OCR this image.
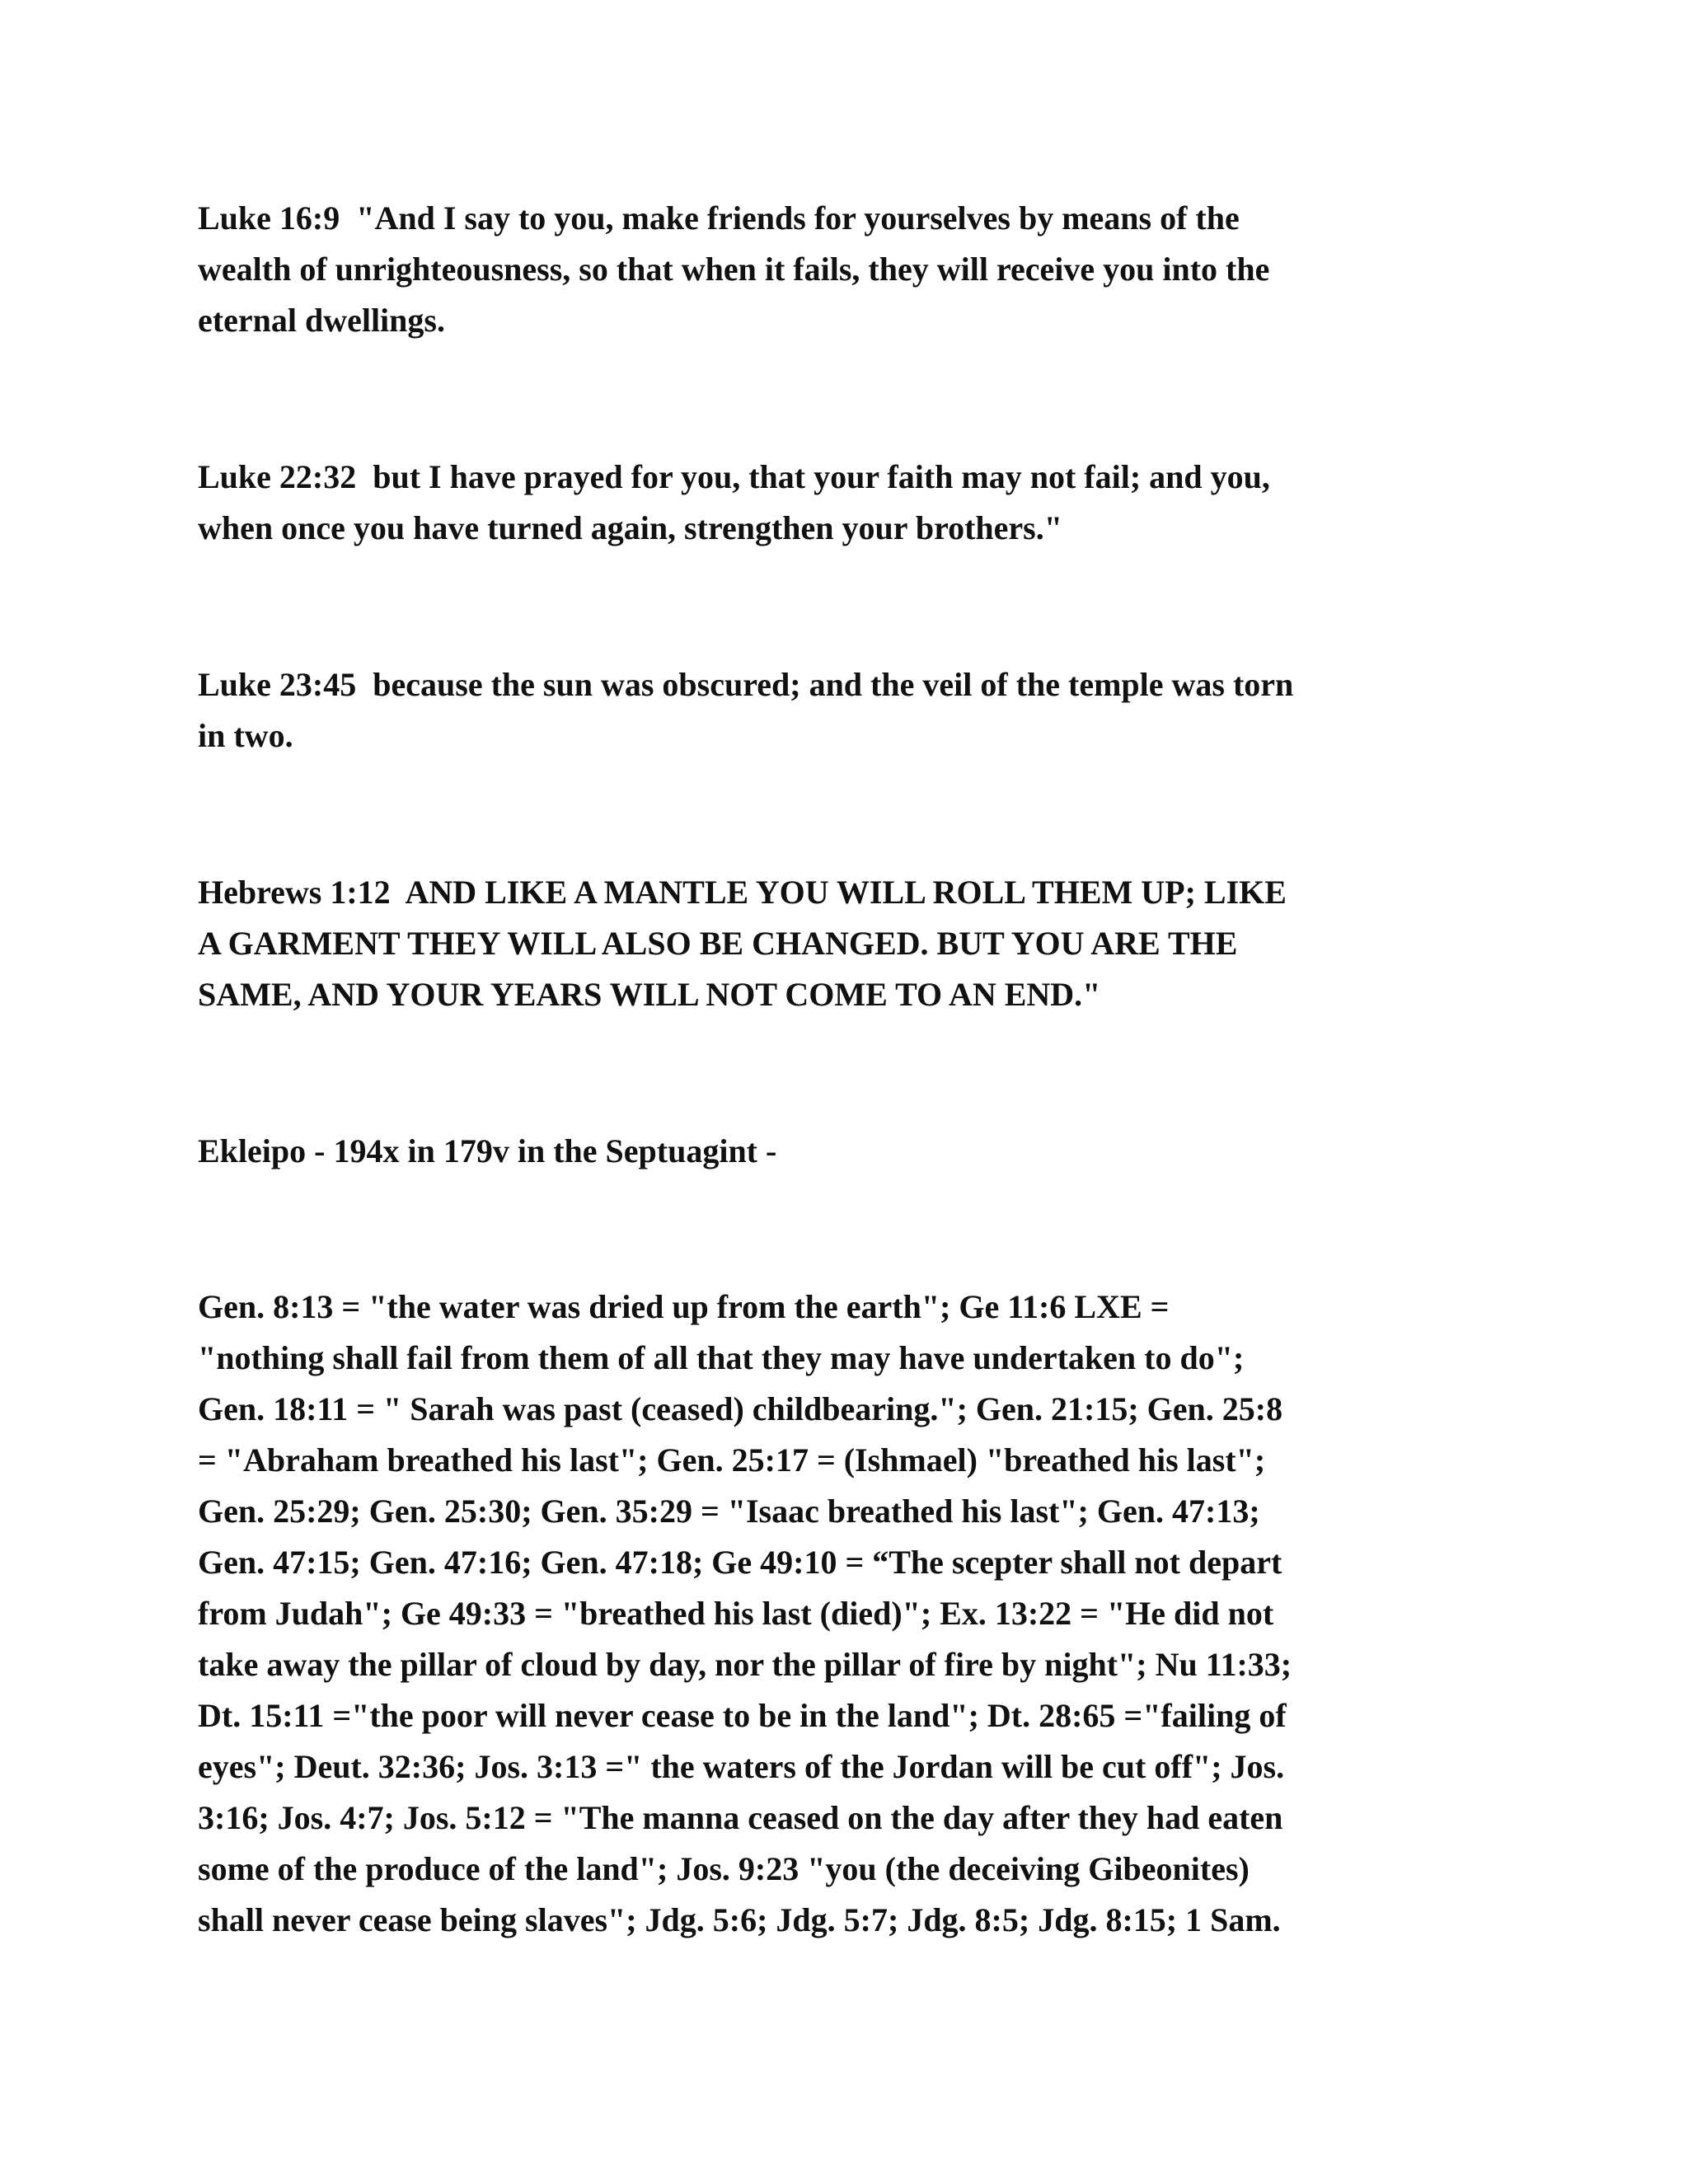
Luke 16:9  "And I say to you, make friends for yourselves by means of the
wealth of unrighteousness, so that when it fails, they will receive you into the
eternal dwellings.

Luke 22:32  but I have prayed for you, that your faith may not fail; and you,
when once you have turned again, strengthen your brothers."

Luke 23:45  because the sun was obscured; and the veil of the temple was torn
in two.

Hebrews 1:12  AND LIKE A MANTLE YOU WILL ROLL THEM UP; LIKE
A GARMENT THEY WILL ALSO BE CHANGED. BUT YOU ARE THE
SAME, AND YOUR YEARS WILL NOT COME TO AN END."

Ekleipo - 194x in 179v in the Septuagint -

Gen. 8:13 = "the water was dried up from the earth"; Ge 11:6 LXE =
"nothing shall fail from them of all that they may have undertaken to do";
Gen. 18:11 = " Sarah was past (ceased) childbearing."; Gen. 21:15; Gen. 25:8
= "Abraham breathed his last"; Gen. 25:17 = (Ishmael) "breathed his last";
Gen. 25:29; Gen. 25:30; Gen. 35:29 = "Isaac breathed his last"; Gen. 47:13;
Gen. 47:15; Gen. 47:16; Gen. 47:18; Ge 49:10 = “The scepter shall not depart
from Judah"; Ge 49:33 = "breathed his last (died)"; Ex. 13:22 = "He did not
take away the pillar of cloud by day, nor the pillar of fire by night"; Nu 11:33;
Dt. 15:11 ="the poor will never cease to be in the land"; Dt. 28:65 ="failing of
eyes"; Deut. 32:36; Jos. 3:13 =" the waters of the Jordan will be cut off"; Jos.
3:16; Jos. 4:7; Jos. 5:12 = "The manna ceased on the day after they had eaten
some of the produce of the land"; Jos. 9:23 "you (the deceiving Gibeonites)
shall never cease being slaves"; Jdg. 5:6; Jdg. 5:7; Jdg. 8:5; Jdg. 8:15; 1 Sam.
